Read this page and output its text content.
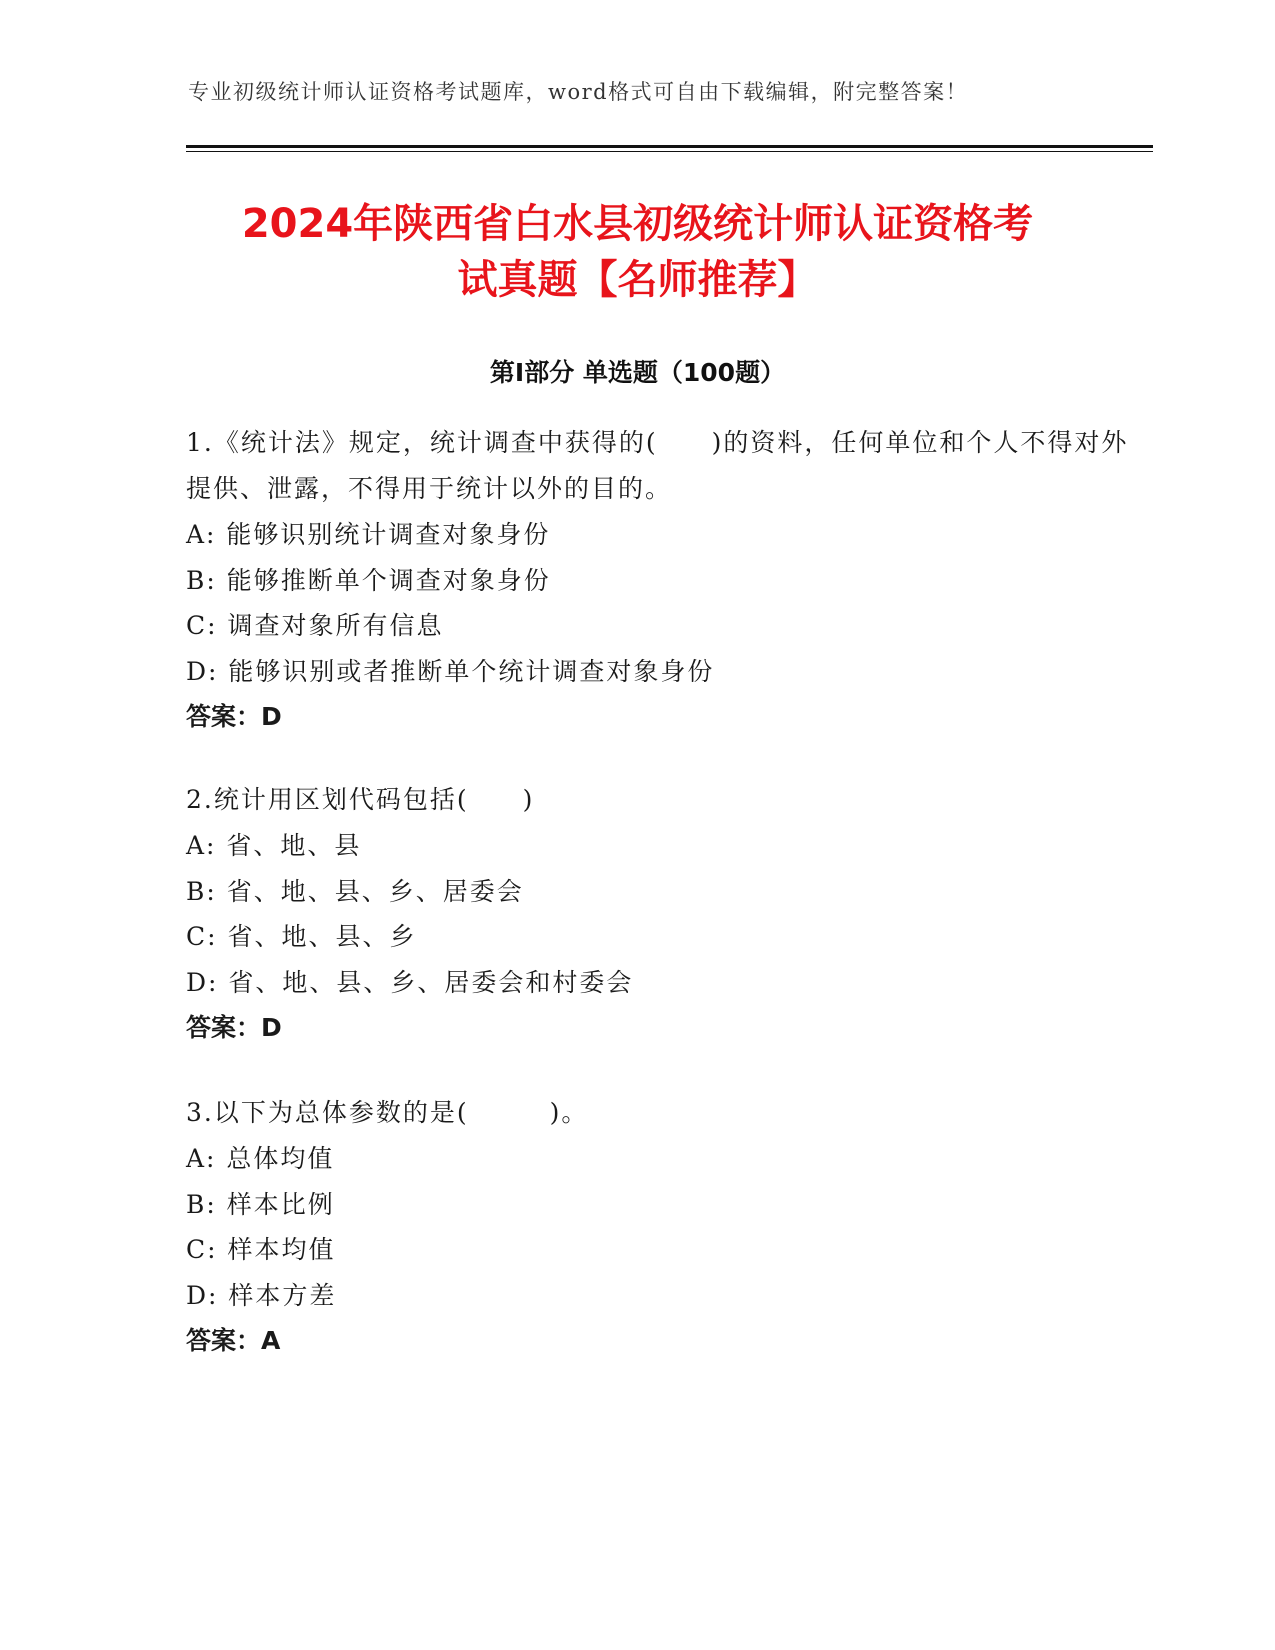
专业初级统计师认证资格考试题库，word格式可自由下载编辑，附完整答案！
2024年陕西省白水县初级统计师认证资格考
试真题【名师推荐】
第Ⅰ部分 单选题（100题）

1.《统计法》规定，统计调查中获得的(　　)的资料，任何单位和个人不得对外提供、泄露，不得用于统计以外的目的。

A: 能够识别统计调查对象身份

B: 能够推断单个调查对象身份

C: 调查对象所有信息

D: 能够识别或者推断单个统计调查对象身份

答案：D

2.统计用区划代码包括(　　)

A: 省、地、县

B: 省、地、县、乡、居委会

C: 省、地、县、乡

D: 省、地、县、乡、居委会和村委会

答案：D

3.以下为总体参数的是(　　　)。

A: 总体均值

B: 样本比例

C: 样本均值

D: 样本方差

答案：A
